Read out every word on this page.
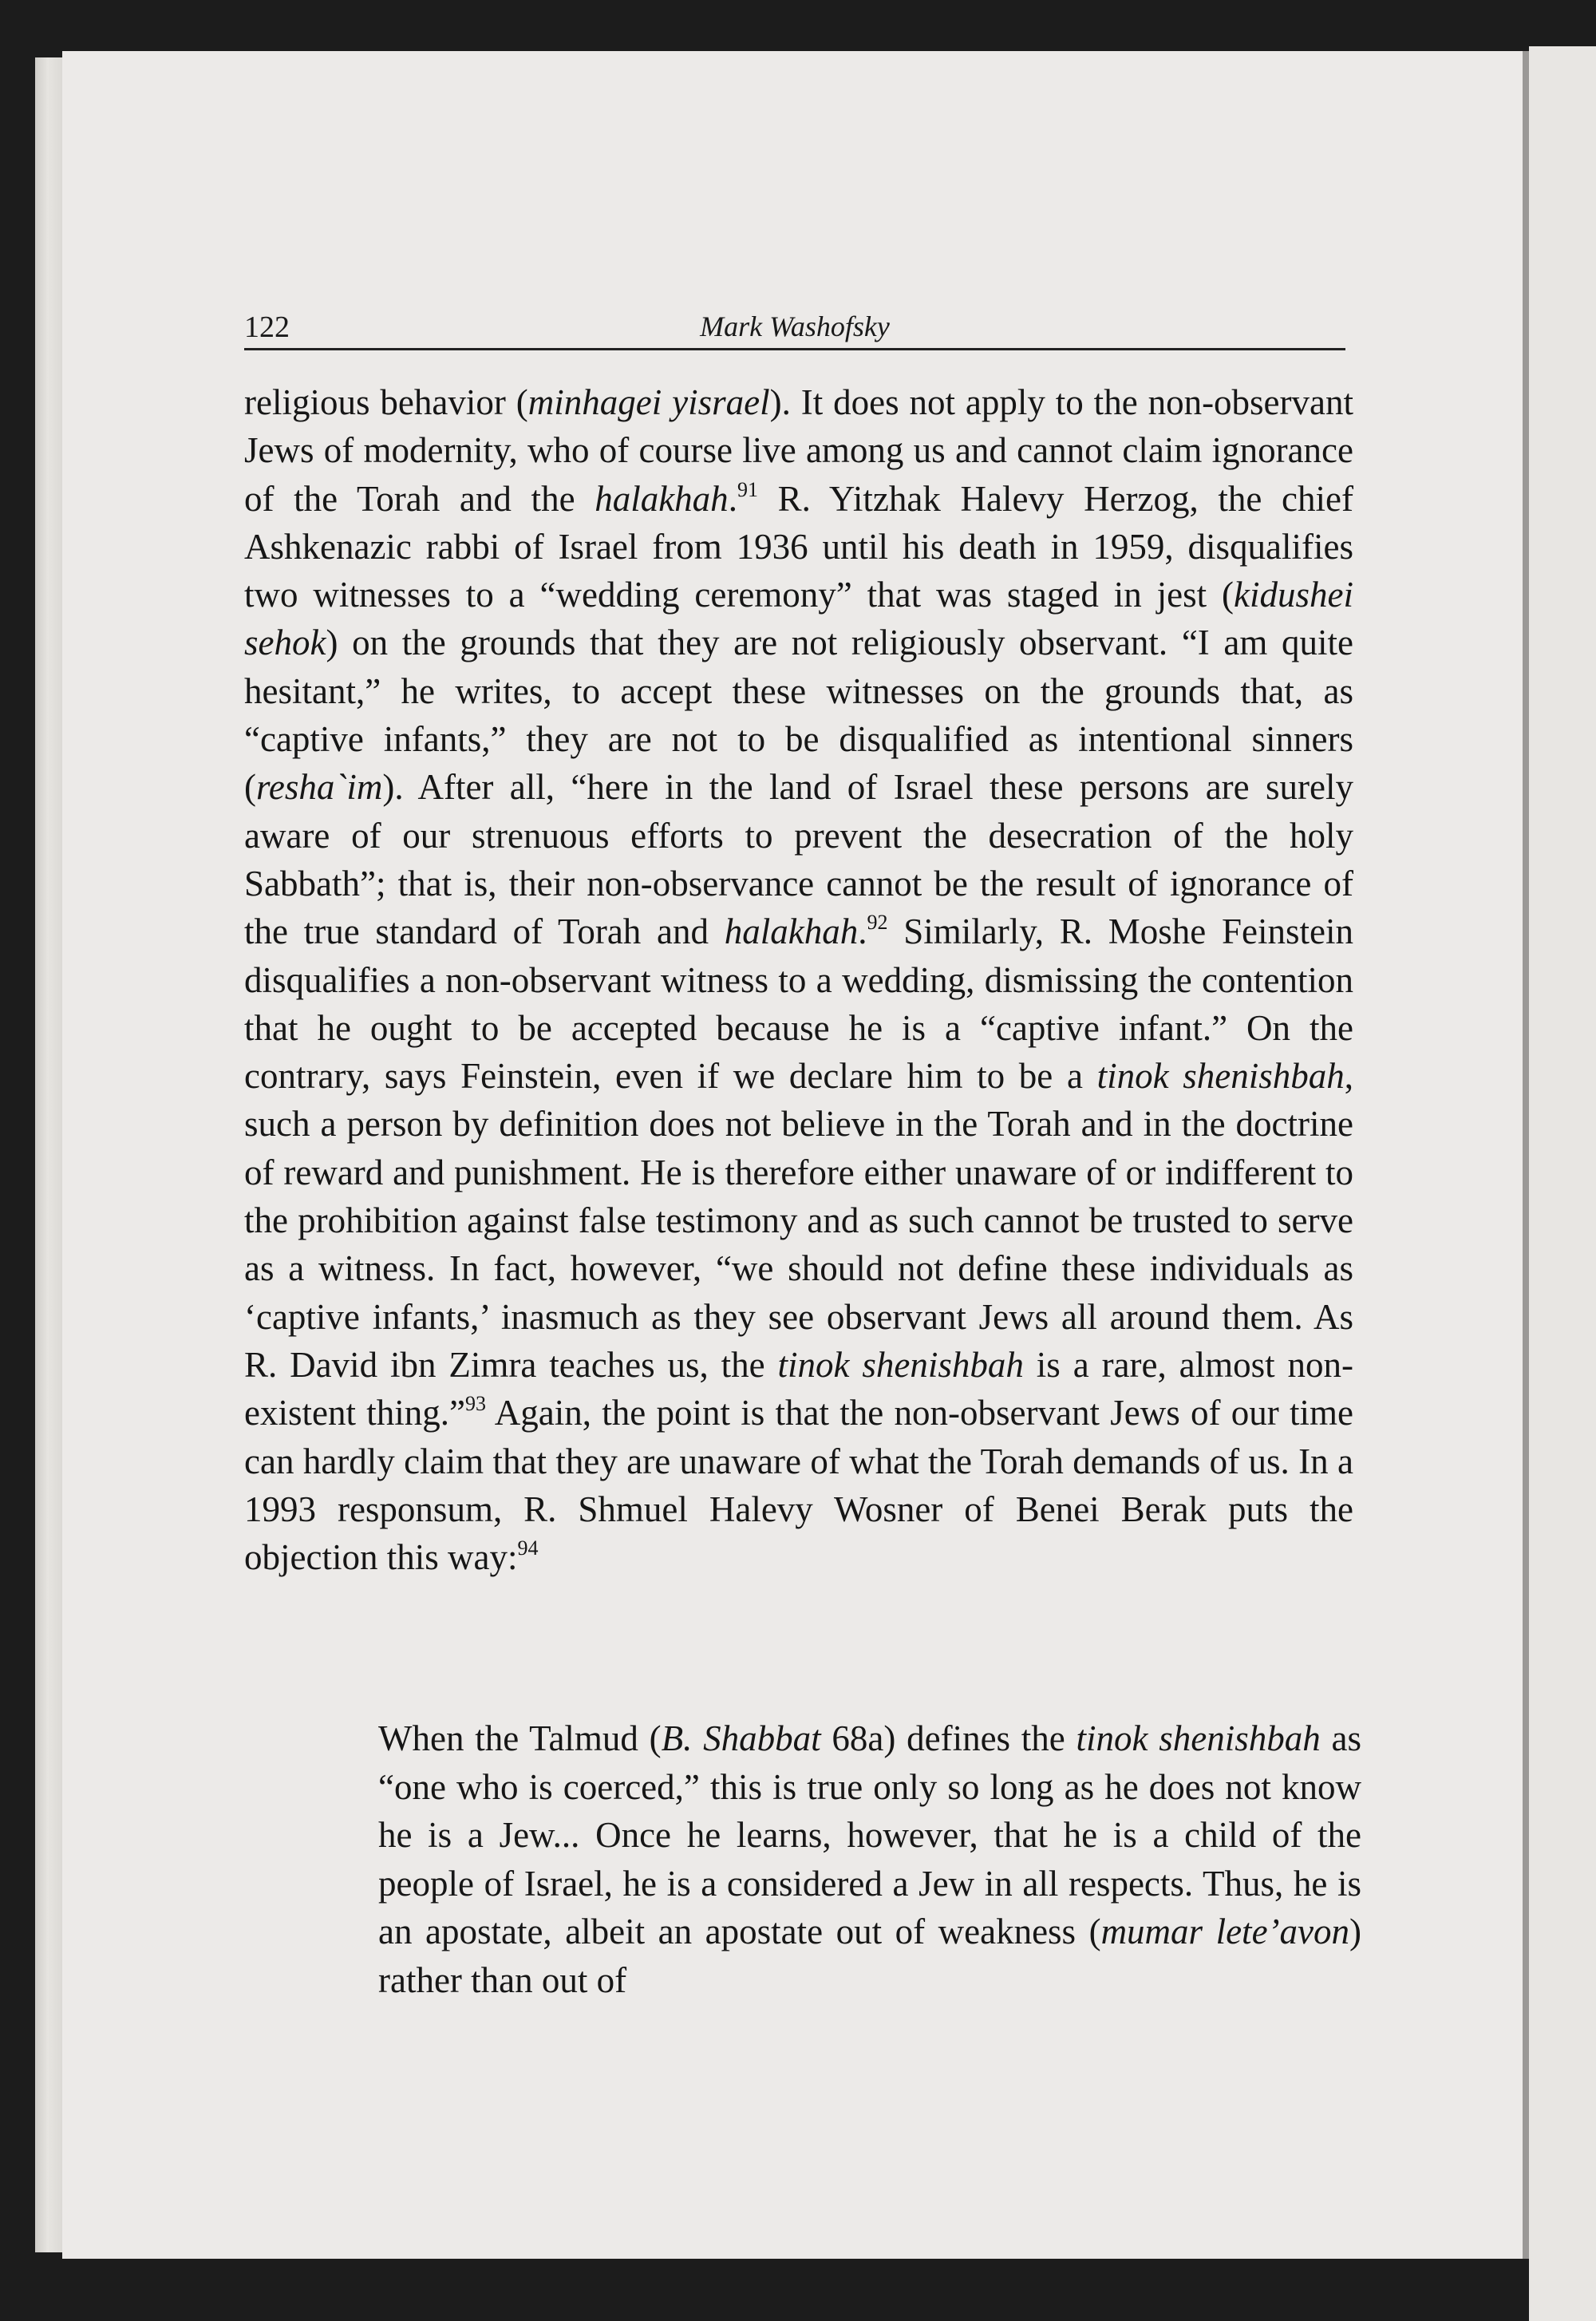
122	Mark Washofsky

religious behavior (minhagei yisrael). It does not apply to the non-observant Jews of modernity, who of course live among us and cannot claim ignorance of the Torah and the halakhah.$^{91}$ R. Yitzhak Halevy Herzog, the chief Ashkenazic rabbi of Israel from 1936 until his death in 1959, disqualifies two witnesses to a “wedding ceremony” that was staged in jest (kidushei sehok) on the grounds that they are not religiously observant. “I am quite hesitant,” he writes, to accept these witnesses on the grounds that, as “captive infants,” they are not to be disqualified as intentional sinners (resha`im). After all, “here in the land of Israel these persons are surely aware of our strenuous efforts to prevent the desecration of the holy Sabbath”; that is, their non-observance cannot be the result of ignorance of the true standard of Torah and halakhah.$^{92}$ Similarly, R. Moshe Feinstein disqualifies a non-observant witness to a wedding, dismissing the contention that he ought to be accepted because he is a “captive infant.” On the contrary, says Feinstein, even if we declare him to be a tinok shenishbah, such a person by definition does not believe in the Torah and in the doctrine of reward and punishment. He is therefore either unaware of or indifferent to the prohibition against false testimony and as such cannot be trusted to serve as a witness. In fact, however, “we should not define these individuals as ‘captive infants,’ inasmuch as they see observant Jews all around them. As R. David ibn Zimra teaches us, the tinok shenishbah is a rare, almost non-existent thing.”$^{93}$ Again, the point is that the non-observant Jews of our time can hardly claim that they are unaware of what the Torah demands of us. In a 1993 responsum, R. Shmuel Halevy Wosner of Benei Berak puts the objection this way:$^{94}$

When the Talmud (B. Shabbat 68a) defines the tinok shenishbah as “one who is coerced,” this is true only so long as he does not know he is a Jew... Once he learns, however, that he is a child of the people of Israel, he is a considered a Jew in all respects. Thus, he is an apostate, albeit an apostate out of weakness (mumar lete’avon) rather than out of
